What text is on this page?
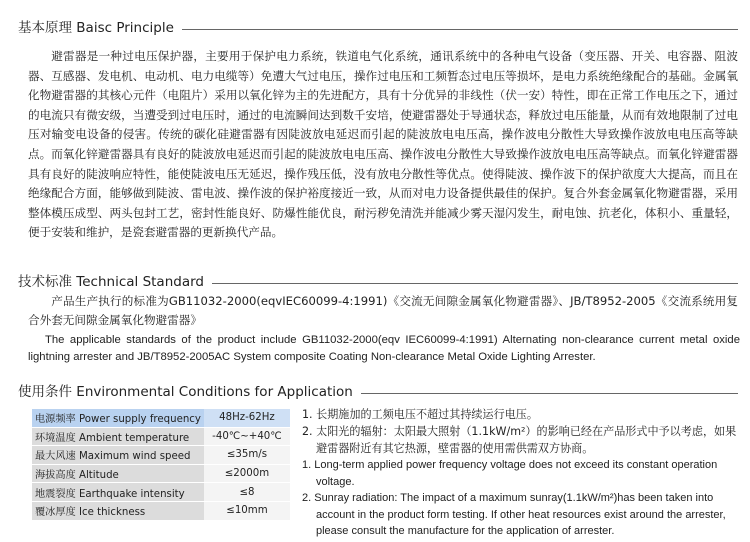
基本原理 Baisc Principle

避雷器是一种过电压保护器，主要用于保护电力系统，铁道电气化系统，通讯系统中的各种电气设备（变压器、开关、电容器、阻波器、互感器、发电机、电动机、电力电缆等）免遭大气过电压，操作过电压和工频暂态过电压等损坏，是电力系统绝缘配合的基础。金属氧化物避雷器的其核心元件（电阻片）采用以氧化锌为主的先进配方，具有十分优异的非线性（伏一安）特性，即在正常工作电压之下，通过的电流只有微安级，当遭受到过电压时，通过的电流瞬间达到数千安培，使避雷器处于导通状态，释放过电压能量，从而有效地限制了过电压对输变电设备的侵害。传统的碳化硅避雷器有因陡波放电延迟而引起的陡波放电电压高，操作波电分散性大导致操作波放电电压高等缺点。而氧化锌避雷器具有良好的陡波放电延迟而引起的陡波放电电压高、操作波电分散性大导致操作波放电电压高等缺点。而氧化锌避雷器具有良好的陡波响应特性，能使陡波电压无延迟，操作残压低，没有放电分散性等优点。使得陡波、操作波下的保护欲度大大提高，而且在绝缘配合方面，能够做到陡波、雷电波、操作波的保护裕度接近一致，从而对电力设备提供最佳的保护。复合外套金属氧化物避雷器，采用整体模压成型、两头包封工艺，密封性能良好、防爆性能优良，耐污秽免清洗并能减少雾天湿闪发生，耐电蚀、抗老化，体积小、重量轻，便于安装和维护，是瓷套避雷器的更新换代产品。

技术标准 Technical Standard

产品生产执行的标准为GB11032-2000(eqvIEC60099-4:1991)《交流无间隙金属氧化物避雷器》、JB/T8952-2005《交流系统用复合外套无间隙金属氧化物避雷器》

The applicable standards of the product include GB11032-2000(eqv IEC60099-4:1991) Alternating non-clearance current metal oxide lightning arrester and JB/T8952-2005AC System composite Coating Non-clearance Metal Oxide Lighting Arrester.

使用条件 Environmental Conditions for Application
电源频率 Power supply frequency	48Hz-62Hz
环境温度 Ambient temperature	-40℃~+40℃
最大风速 Maximum wind speed	≤35m/s
海拔高度 Altitude	≤2000m
地震裂度 Earthquake intensity	≤8
覆冰厚度 Ice thickness	≤10mm
1. 长期施加的工频电压不超过其持续运行电压。
2. 太阳光的辐射：太阳最大照射（1.1kW/m²）的影响已经在产品形式中予以考虑，如果避雷器附近有其它热源，壁雷器的使用需供需双方协商。
1. Long-term applied power frequency voltage does not exceed its constant operation voltage.
2. Sunray radiation: The impact of a maximum sunray(1.1kW/m²)has been taken into account in the product form testing. If other heat resources exist around the arrester, please consult the manufacture for the application of arrester.
